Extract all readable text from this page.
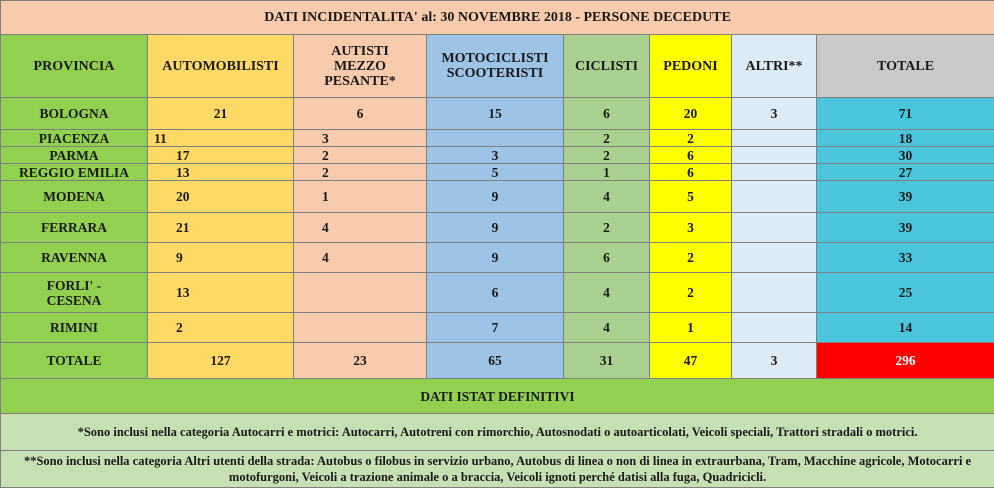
DATI INCIDENTALITA' al: 30 NOVEMBRE 2018 - PERSONE DECEDUTE							
PROVINCIA	AUTOMOBILISTI	AUTISTI
MEZZO
PESANTE*	MOTOCICLISTI
SCOOTERISTI	CICLISTI	PEDONI	ALTRI**	TOTALE
BOLOGNA	21	6	15	6	20	3	71
PIACENZA	11	3		2	2		18
PARMA	17	2	3	2	6		30
REGGIO EMILIA	13	2	5	1	6		27
MODENA	20	1	9	4	5		39
FERRARA	21	4	9	2	3		39
RAVENNA	9	4	9	6	2		33
FORLI' -
CESENA	13		6	4	2		25
RIMINI	2		7	4	1		14
TOTALE	127	23	65	31	47	3	296
DATI ISTAT DEFINITIVI							
*Sono inclusi nella categoria Autocarri e motrici: Autocarri, Autotreni con rimorchio, Autosnodati o autoarticolati, Veicoli speciali, Trattori stradali o motrici.							
**Sono inclusi nella categoria Altri utenti della strada: Autobus o filobus in servizio urbano, Autobus di linea o non di linea in extraurbana, Tram, Macchine agricole, Motocarri e motofurgoni, Veicoli a trazione animale o a braccia, Veicoli ignoti perché datisi alla fuga, Quadricicli.							
